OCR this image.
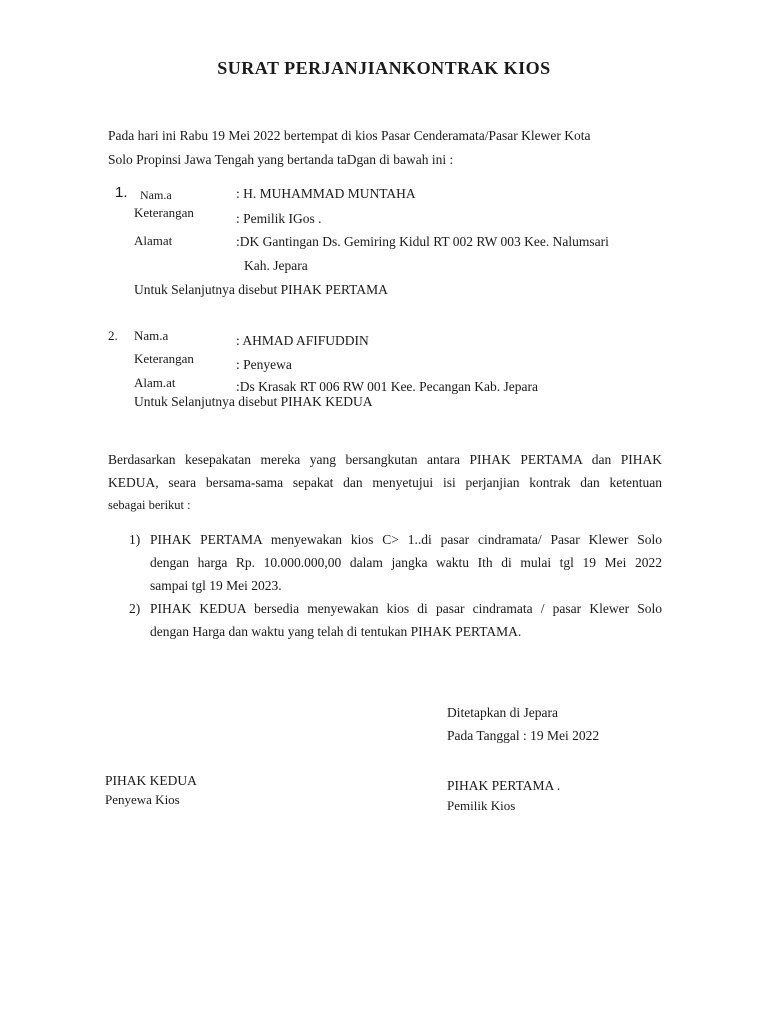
SURAT PERJANJIANKONTRAK KIOS
Pada hari ini Rabu 19 Mei 2022 bertempat di kios Pasar Cenderamata/Pasar Klewer Kota
Solo Propinsi Jawa Tengah yang bertanda taDgan di bawah ini :
1. Nam.a	: H. MUHAMMAD MUNTAHA
Keterangan	: Pemilik IGos .
Alamat	:DK Gantingan Ds. Gemiring Kidul RT 002 RW 003 Kee. Nalumsari
Kah. Jepara
Untuk Selanjutnya disebut PIHAK PERTAMA
2. Nam.a	: AHMAD AFIFUDDIN
Keterangan	: Penyewa
Alam.at	:Ds Krasak RT 006 RW 001 Kee. Pecangan Kab. Jepara
Untuk Selanjutnya disebut PIHAK KEDUA
Berdasarkan kesepakatan mereka yang bersangkutan antara PIHAK PERTAMA dan PIHAK
KEDUA, seara bersama-sama sepakat dan menyetujui isi perjanjian kontrak dan ketentuan
sebagai berikut :
1) PIHAK PERTAMA menyewakan kios C> 1..di pasar cindramata/ Pasar Klewer Solo
dengan harga Rp. 10.000.000,00 dalam jangka waktu Ith di mulai tgl 19 Mei 2022
sampai tgl 19 Mei 2023.
2) PIHAK KEDUA bersedia menyewakan kios di pasar cindramata / pasar Klewer Solo
dengan Harga dan waktu yang telah di tentukan PIHAK PERTAMA.
Ditetapkan di Jepara
Pada Tanggal : 19 Mei 2022
PIHAK KEDUA
Penyewa Kios
PIHAK PERTAMA .
Pemilik Kios
